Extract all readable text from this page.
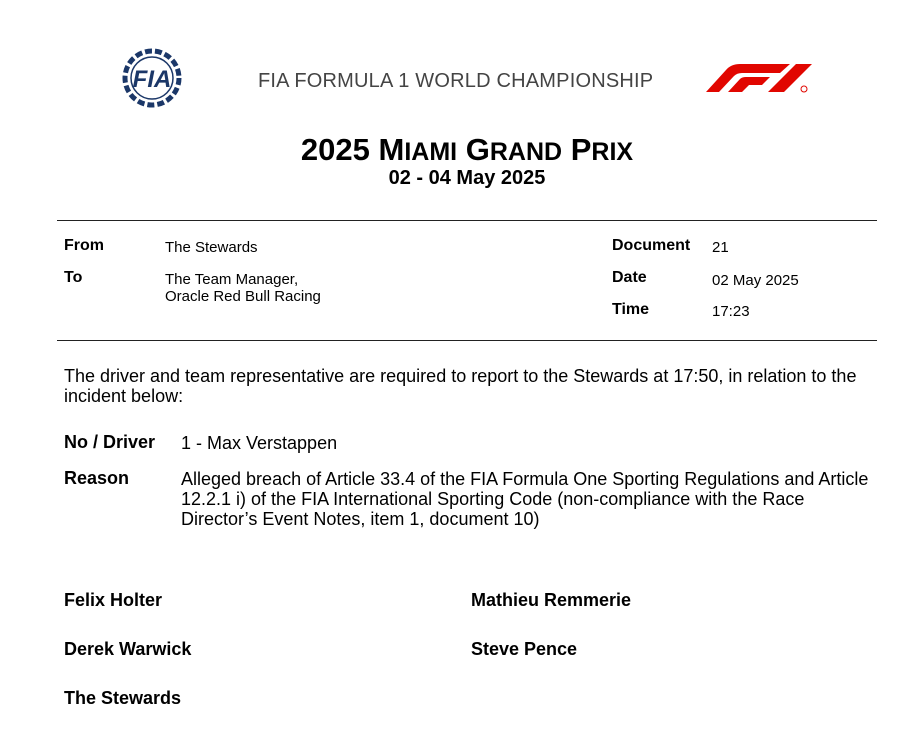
FIA	FIA FORMULA 1 WORLD CHAMPIONSHIP
2025 MIAMI GRAND PRIX
02 - 04 May 2025
From	The Stewards
To	The Team Manager,
Oracle Red Bull Racing
Document 21
Date	02 May 2025
Time	17:23
The driver and team representative are required to report to the Stewards at 17:50, in relation to the incident below:
No / Driver 1 - Max Verstappen
Reason	Alleged breach of Article 33.4 of the FIA Formula One Sporting Regulations and Article 12.2.1 i) of the FIA International Sporting Code (non-compliance with the Race Director’s Event Notes, item 1, document 10)
Felix Holter	Mathieu Remmerie
Derek Warwick	Steve Pence
The Stewards
